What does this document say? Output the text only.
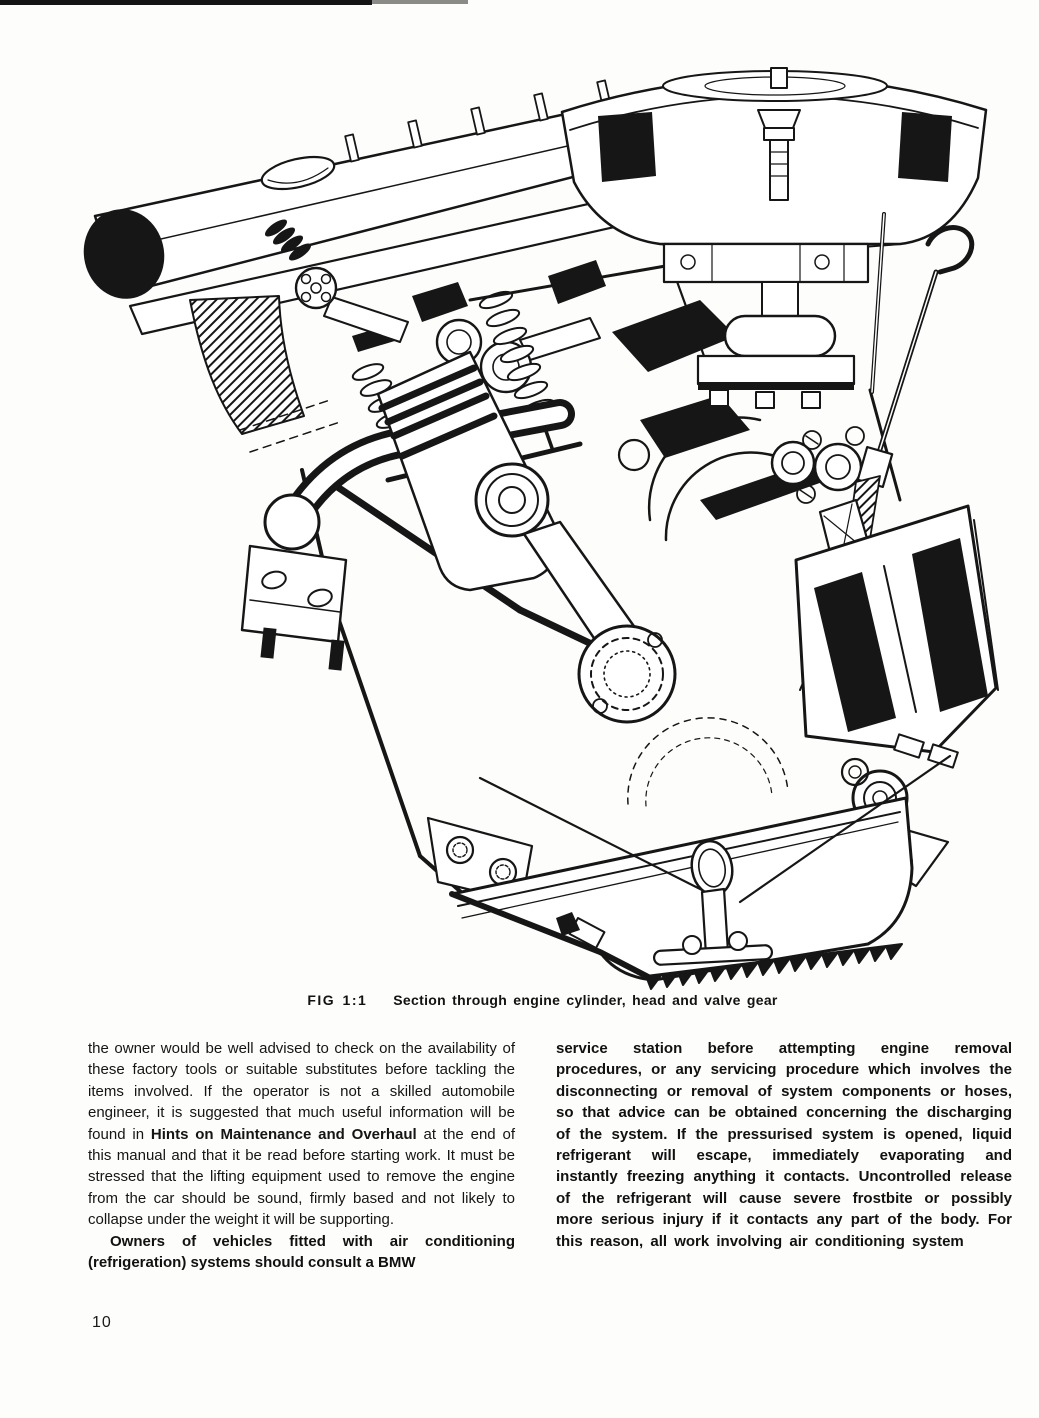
FIG 1:1 Section through engine cylinder, head and valve gear

the owner would be well advised to check on the availability of these factory tools or suitable substitutes before tackling the items involved. If the operator is not a skilled automobile engineer, it is suggested that much useful information will be found in Hints on Maintenance and Overhaul at the end of this manual and that it be read before starting work. It must be stressed that the lifting equipment used to remove the engine from the car should be sound, firmly based and not likely to collapse under the weight it will be supporting.

Owners of vehicles fitted with air conditioning (refrigeration) systems should consult a BMW

service station before attempting engine removal procedures, or any servicing procedure which involves the disconnecting or removal of system components or hoses, so that advice can be obtained concerning the discharging of the system. If the pressurised system is opened, liquid refrigerant will escape, immediately evaporating and instantly freezing anything it contacts. Uncontrolled release of the refrigerant will cause severe frostbite or possibly more serious injury if it contacts any part of the body. For this reason, all work involving air conditioning system

10
